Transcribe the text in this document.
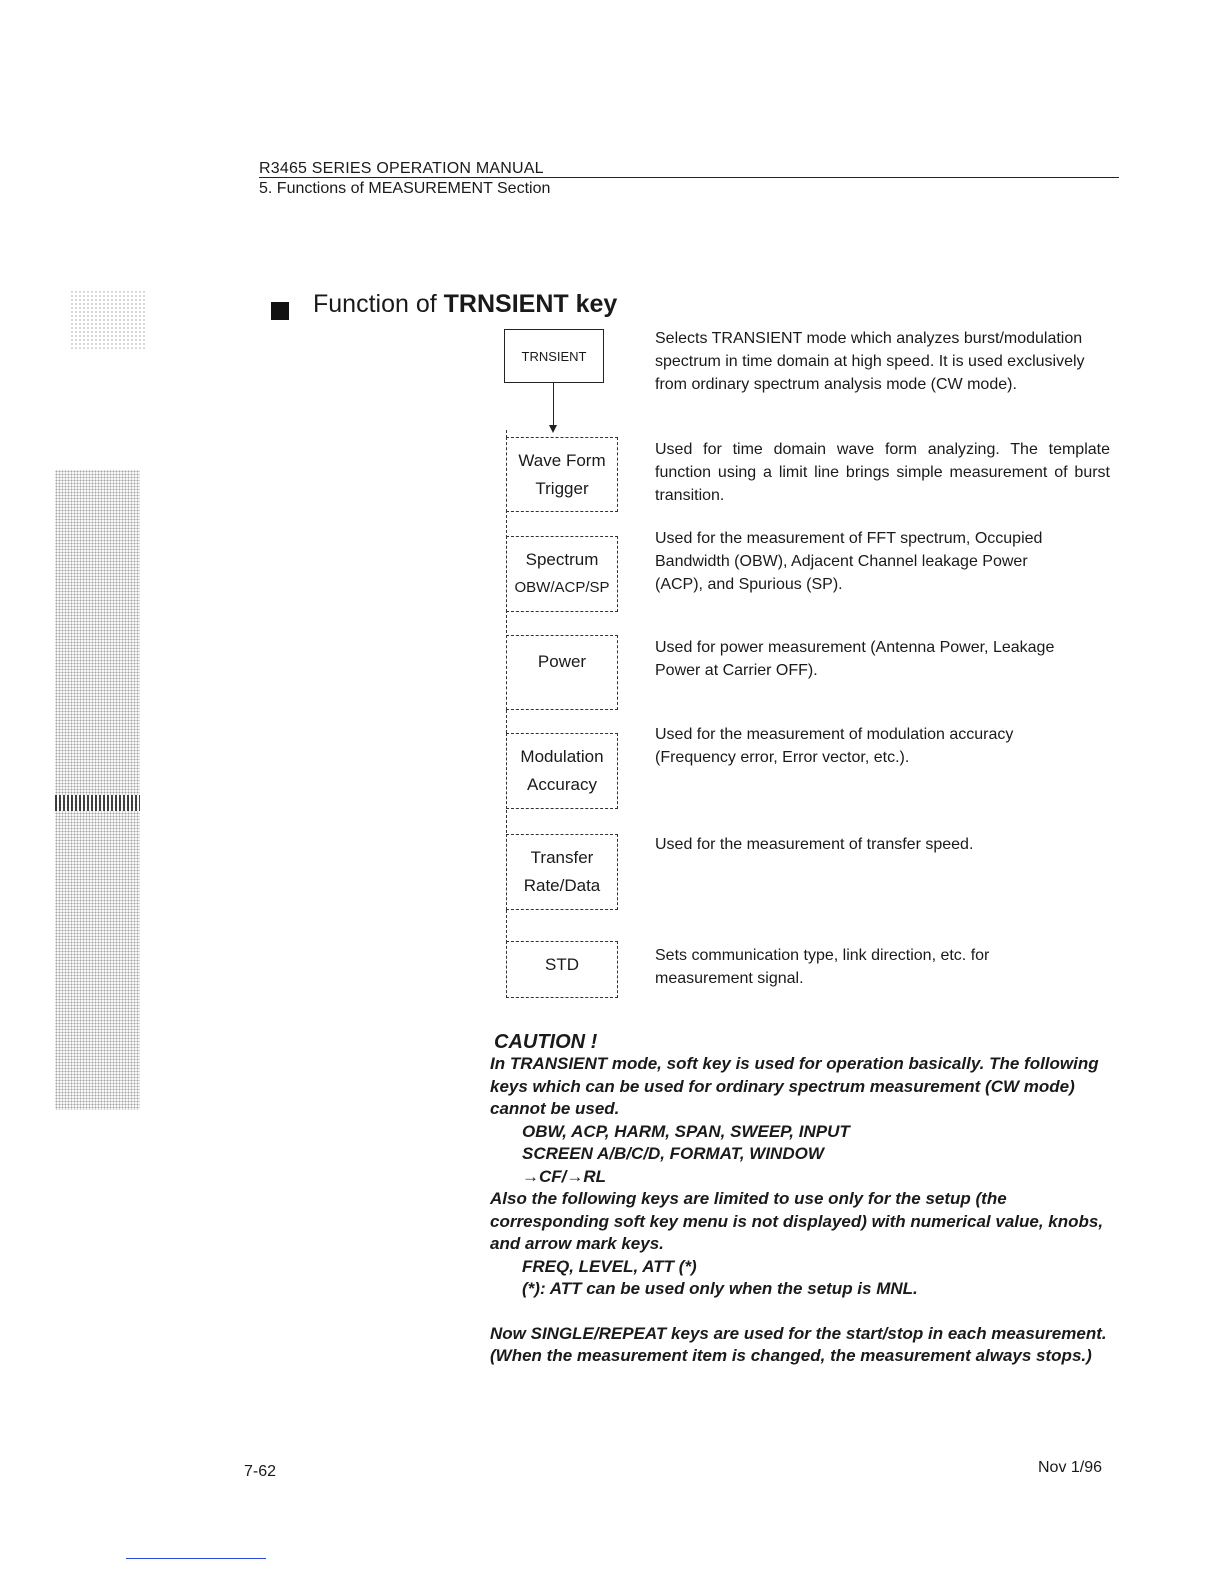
R3465 SERIES OPERATION MANUAL
5. Functions of MEASUREMENT Section
Function of TRNSIENT key
TRNSIENT
Wave Form
Trigger
Spectrum
OBW/ACP/SP
Power
Modulation
Accuracy
Transfer
Rate/Data
STD
Selects TRANSIENT mode which analyzes burst/modulation spectrum in time domain at high speed. It is used exclusively from ordinary spectrum analysis mode (CW mode).
Used for time domain wave form analyzing. The template function using a limit line brings simple measurement of burst transition.
Used for the measurement of FFT spectrum, Occupied Bandwidth (OBW), Adjacent Channel leakage Power (ACP), and Spurious (SP).
Used for power measurement (Antenna Power, Leakage Power at Carrier OFF).
Used for the measurement of modulation accuracy (Frequency error, Error vector, etc.).
Used for the measurement of transfer speed.
Sets communication type, link direction, etc. for measurement signal.
CAUTION !
In TRANSIENT mode, soft key is used for operation basically. The following keys which can be used for ordinary spectrum measurement (CW mode) cannot be used.
OBW, ACP, HARM, SPAN, SWEEP, INPUT
SCREEN A/B/C/D, FORMAT, WINDOW
→CF/→RL
Also the following keys are limited to use only for the setup (the corresponding soft key menu is not displayed) with numerical value, knobs, and arrow mark keys.
FREQ, LEVEL, ATT (*)
(*): ATT can be used only when the setup is MNL.
Now SINGLE/REPEAT keys are used for the start/stop in each measurement. (When the measurement item is changed, the measurement always stops.)
7-62	Nov 1/96
